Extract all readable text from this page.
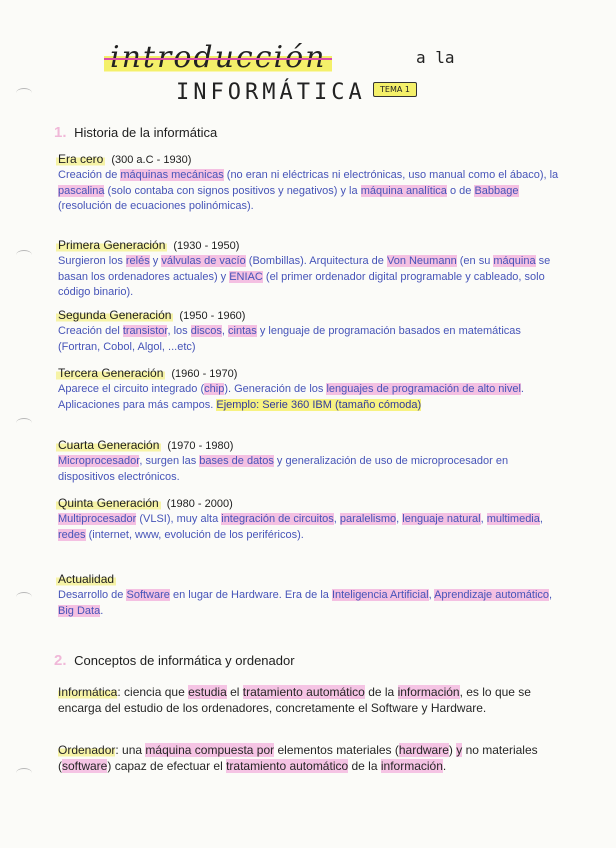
introducción	a la
INFORMÁTICA	TEMA 1
1. Historia de la informática
Era cero (300 a.C - 1930)
Creación de máquinas mecánicas (no eran ni eléctricas ni electrónicas, uso manual como el ábaco), la pascalina (solo contaba con signos positivos y negativos) y la máquina analítica o de Babbage (resolución de ecuaciones polinómicas).
Primera Generación (1930 - 1950)
Surgieron los relés y válvulas de vacío (Bombillas). Arquitectura de Von Neumann (en su máquina se basan los ordenadores actuales) y ENIAC (el primer ordenador digital programable y cableado, solo código binario).
Segunda Generación (1950 - 1960)
Creación del transistor, los discos, cintas y lenguaje de programación basados en matemáticas (Fortran, Cobol, Algol, ...etc)
Tercera Generación (1960 - 1970)
Aparece el circuito integrado (chip). Generación de los lenguajes de programación de alto nivel. Aplicaciones para más campos. Ejemplo: Serie 360 IBM (tamaño cómoda)
Cuarta Generación (1970 - 1980)
Microprocesador, surgen las bases de datos y generalización de uso de microprocesador en dispositivos electrónicos.
Quinta Generación (1980 - 2000)
Multiprocesador (VLSI), muy alta integración de circuitos, paralelismo, lenguaje natural, multimedia, redes (internet, www, evolución de los periféricos).
Actualidad
Desarrollo de Software en lugar de Hardware. Era de la Inteligencia Artificial, Aprendizaje automático, Big Data.
2. Conceptos de informática y ordenador
Informática: ciencia que estudia el tratamiento automático de la información, es lo que se encarga del estudio de los ordenadores, concretamente el Software y Hardware.
Ordenador: una máquina compuesta por elementos materiales (hardware) y no materiales (software) capaz de efectuar el tratamiento automático de la información.
